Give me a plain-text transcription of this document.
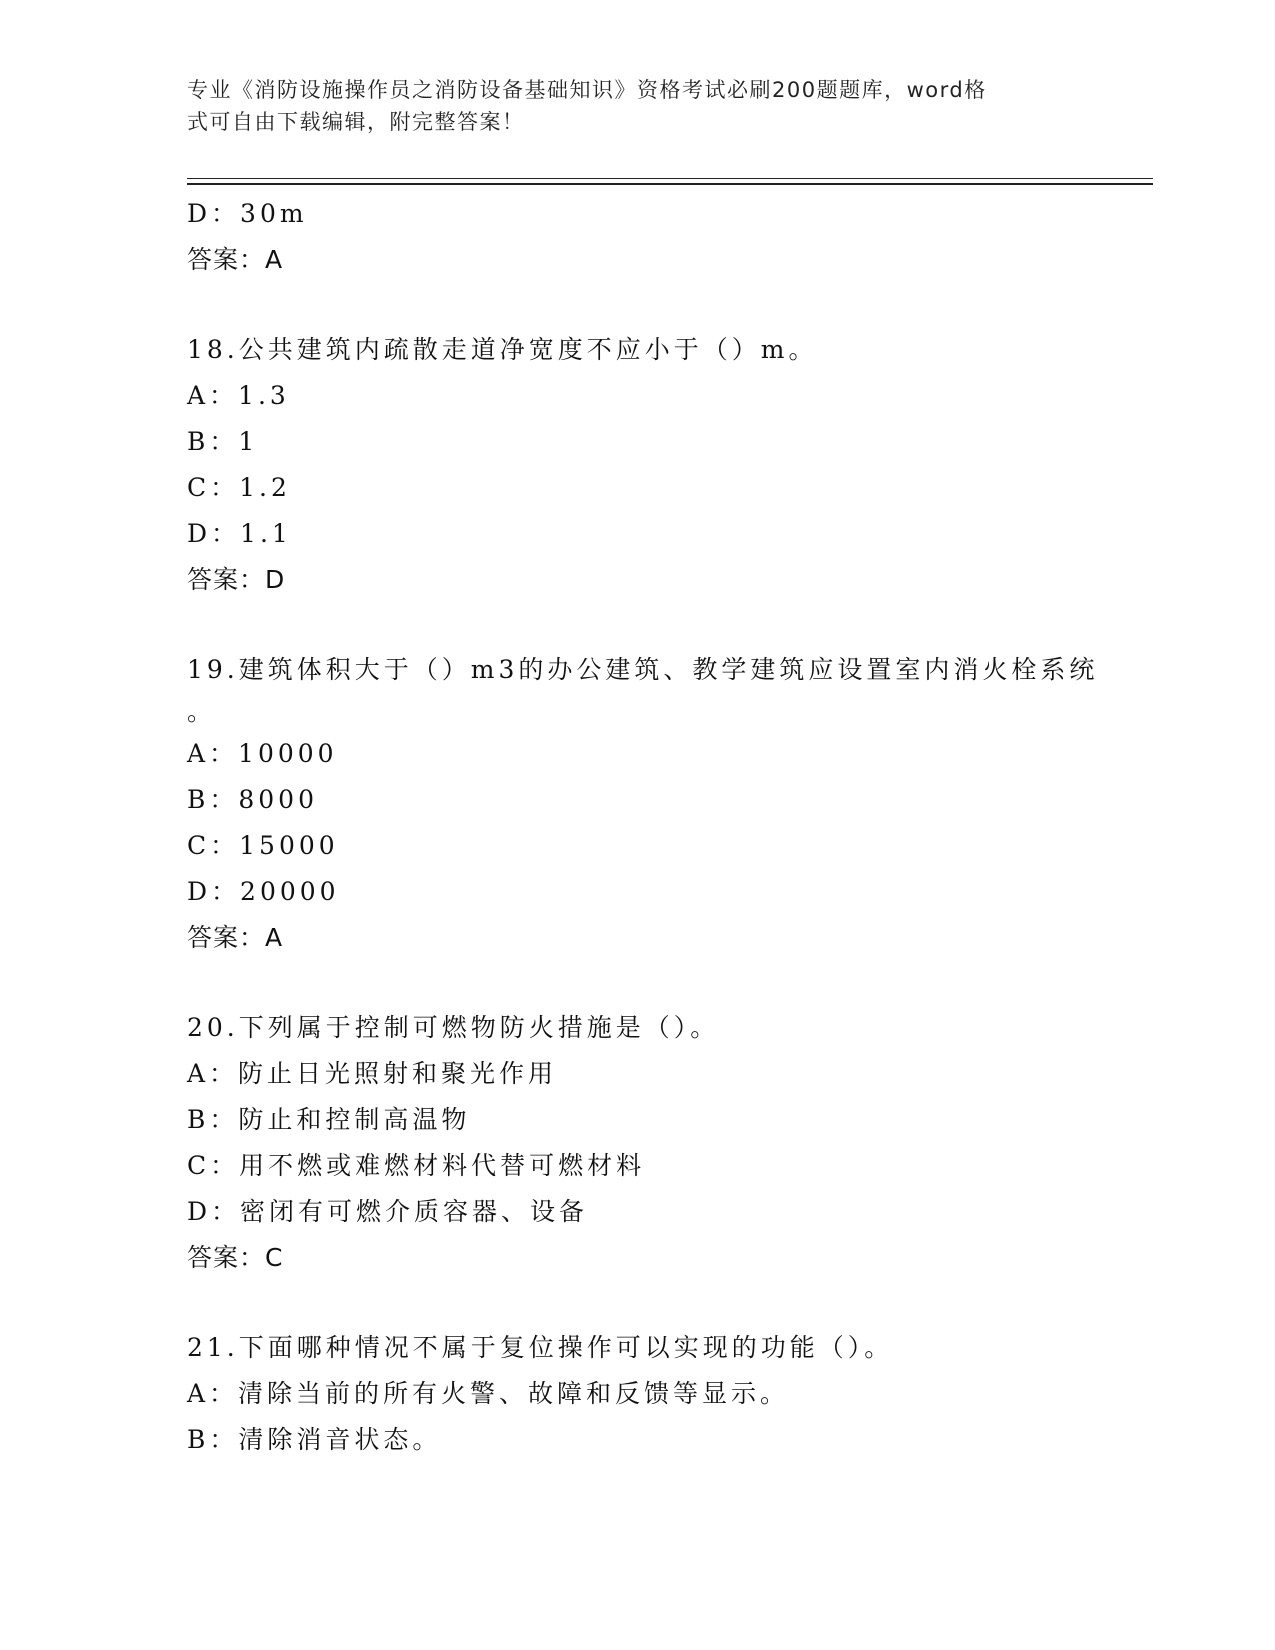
专业《消防设施操作员之消防设备基础知识》资格考试必刷200题题库，word格
式可自由下载编辑，附完整答案！
D：30m
答案：A
18.公共建筑内疏散走道净宽度不应小于（）m。
A：1.3
B：1
C：1.2
D：1.1
答案：D
19.建筑体积大于（）m3的办公建筑、教学建筑应设置室内消火栓系统
。
A：10000
B：8000
C：15000
D：20000
答案：A
20.下列属于控制可燃物防火措施是（）。
A：防止日光照射和聚光作用
B：防止和控制高温物
C：用不燃或难燃材料代替可燃材料
D：密闭有可燃介质容器、设备
答案：C
21.下面哪种情况不属于复位操作可以实现的功能（）。
A：清除当前的所有火警、故障和反馈等显示。
B：清除消音状态。
